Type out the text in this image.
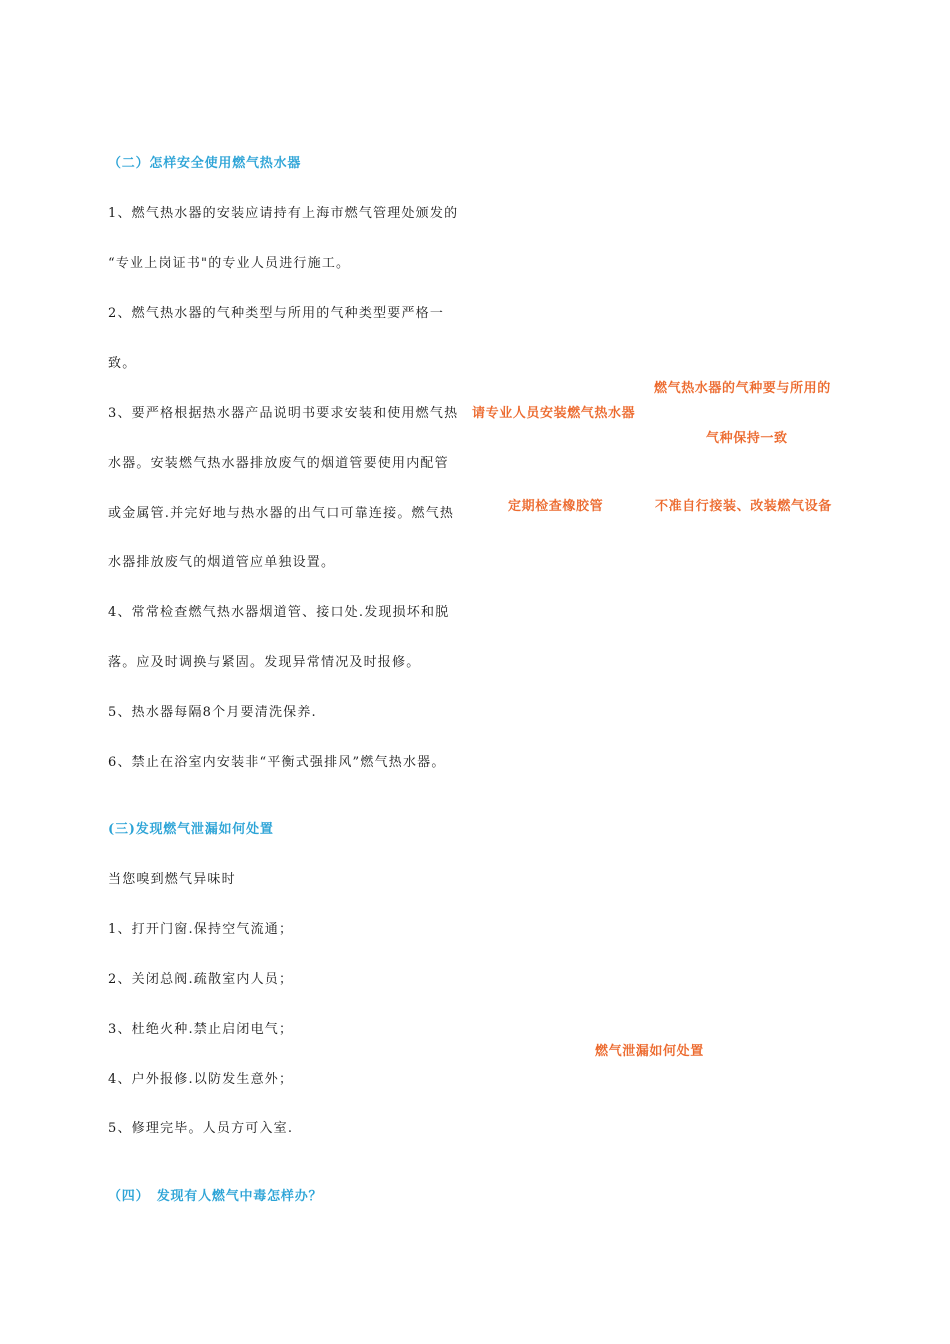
（二）怎样安全使用燃气热水器
1、燃气热水器的安装应请持有上海市燃气管理处颁发的
“专业上岗证书"的专业人员进行施工。
2、燃气热水器的气种类型与所用的气种类型要严格一
致。
3、要严格根据热水器产品说明书要求安装和使用燃气热
水器。安装燃气热水器排放废气的烟道管要使用内配管
或金属管.并完好地与热水器的出气口可靠连接。燃气热
水器排放废气的烟道管应单独设置。
4、常常检查燃气热水器烟道管、接口处.发现损坏和脱
落。应及时调换与紧固。发现异常情况及时报修。
5、热水器每隔8个月要清洗保养.
6、禁止在浴室内安装非“平衡式强排风”燃气热水器。
(三)发现燃气泄漏如何处置
当您嗅到燃气异味时
1、打开门窗.保持空气流通；
2、关闭总阀.疏散室内人员；
3、杜绝火种.禁止启闭电气；
4、户外报修.以防发生意外；
5、修理完毕。人员方可入室.
（四）　发现有人燃气中毒怎样办？
燃气热水器的气种要与所用的
请专业人员安装燃气热水器
气种保持一致
定期检查橡胶管	不准自行接装、改装燃气设备
燃气泄漏如何处置
